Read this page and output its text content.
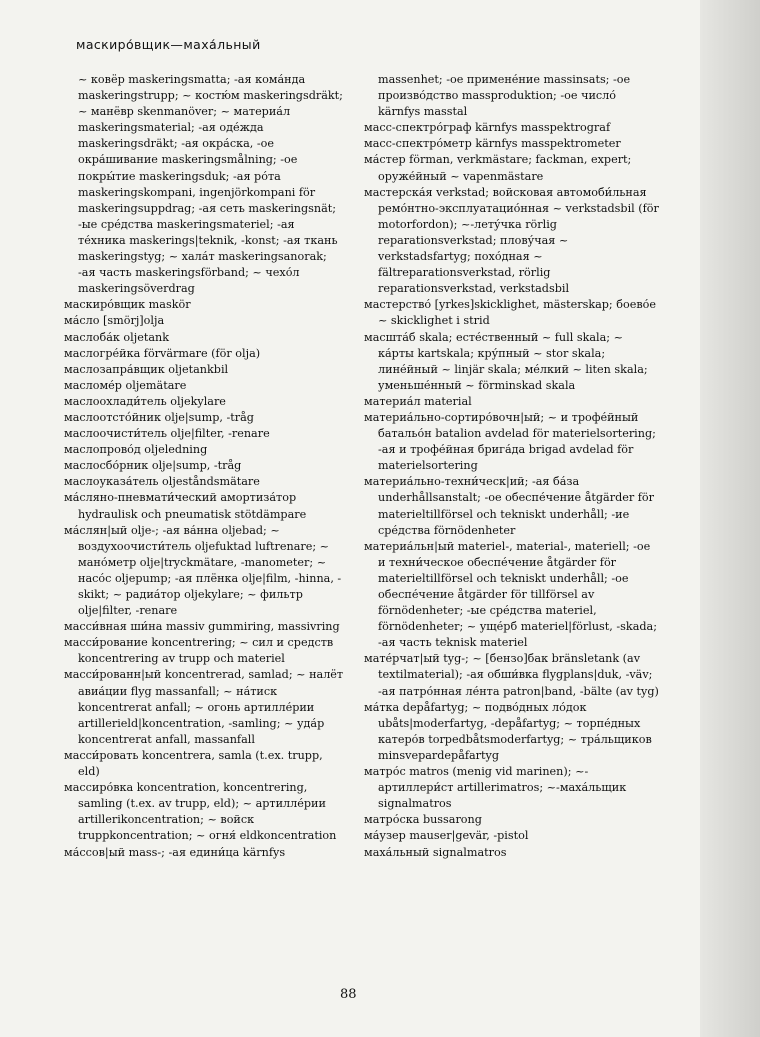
маскиро́вщик—маха́льный

~ ковёр maskeringsmatta; -ая кома́нда maskeringstrupp; ~ костю́м maskeringsdräkt; ~ манёвр skenmanöver; ~ материа́л maskeringsmaterial; -ая оде́жда maskeringsdräkt; -ая окра́ска, -ое окра́шивание maskeringsmålning; -ое покры́тие maskeringsduk; -ая ро́та maskeringskompani, ingenjörkompani för maskeringsuppdrag; -ая сеть maskeringsnät; -ые сре́дства maskeringsmateriel; -ая те́хника maskerings|teknik, -konst; -ая ткань maskeringstyg; ~ хала́т maskeringsanorak; -ая часть maskeringsförband; ~ чехо́л maskeringsöverdrag

маскиро́вщик maskör

ма́сло [smörj]olja

маслоба́к oljetank

маслогре́йка förvärmare (för olja)

маслозапра́вщик oljetankbil

масломе́р oljemätare

маслоохлади́тель oljekylare

маслоотстóйник olje|sump, -tråg

маслоочисти́тель olje|filter, -renare

маслопрово́д oljeledning

маслосбо́рник olje|sump, -tråg

маслоуказа́тель oljeståndsmätare

ма́сляно-пневмати́ческий амортиза́тор hydraulisk och pneumatisk stötdämpare

ма́слян|ый olje-; -ая ва́нна oljebad; ~ воздухоочисти́тель oljefuktad luftrenare; ~ мано́метр olje|tryckmätare, -manometer; ~ насо́с oljepump; -ая плёнка olje|film, -hinna, -skikt; ~ радиа́тор oljekylare; ~ фильтр olje|filter, -renare

масси́вная ши́на massiv gummiring, massivring

масси́рование koncentrering; ~ сил и средств koncentrering av trupp och materiel

масси́рованн|ый koncentrerad, samlad; ~ налёт авиа́ции flyg massanfall; ~ на́тиск koncentrerat anfall; ~ огонь артилле́рии artillerield|koncentration, -samling; ~ уда́р koncentrerat anfall, massanfall

масси́ровать koncentrera, samla (t.ex. trupp, eld)

массиро́вка koncentration, koncentrering, samling (t.ex. av trupp, eld); ~ артилле́рии artillerikoncentration; ~ войск truppkoncentration; ~ огня́ eldkoncentration

ма́ссов|ый mass-; -ая едини́ца kärnfys

massenhet; -ое примене́ние massinsats; -ое произво́дство massproduktion; -ое число́ kärnfys masstal

масс-спектро́граф kärnfys masspektrograf

масс-спектро́метр kärnfys masspektrometer

ма́стер förman, verkmästare; fackman, expert; оруже́йный ~ vapenmästare

мастерска́я verkstad; войсковая автомоби́льная ремо́нтно-эксплуатацио́нная ~ verkstadsbil (för motorfordon); ~-лету́чка rörlig reparationsverkstad; плову́чая ~ verkstadsfartyg; похо́дная ~ fältreparationsverkstad, rörlig reparationsverkstad, verkstadsbil

мастерство́ [yrkes]skicklighet, mästerskap; боево́е ~ skicklighet i strid

масшта́б skala; есте́ственный ~ full skala; ~ ка́рты kartskala; кру́пный ~ stor skala; лине́йный ~ linjär skala; ме́лкий ~ liten skala; уменьше́нный ~ förminskad skala

материа́л material

материа́льно-сортиро́вочн|ый; ~ и трофе́йный батальо́н batalion avdelad för materielsortering; -ая и трофе́йная брига́да brigad avdelad för materielsortering

материа́льно-техни́ческ|ий; -ая ба́за underhållsanstalt; -ое обеспе́чение åtgärder för materieltillförsel och tekniskt underhåll; -ие сре́дства förnödenheter

материа́льн|ый materiel-, material-, materiell; -ое и техни́ческое обеспе́чение åtgärder för materieltillförsel och tekniskt underhåll; -ое обеспе́чение åtgärder för tillförsel av förnödenheter; -ые сре́дства materiel, förnödenheter; ~ уще́рб materiel|förlust, -skada; -ая часть teknisk materiel

мате́рчат|ый tyg-; ~ [бензо]бак bränsletank (av textilmaterial); -ая обши́вка flygplans|duk, -väv; -ая патро́нная ле́нта patron|band, -bälte (av tyg)

ма́тка depåfartyg; ~ подво́дных ло́док ubåts|moderfartyg, -depåfartyg; ~ торпе́дных катеро́в torpedbåtsmoderfartyg; ~ тра́льщиков minsvepardepåfartyg

матро́с matros (menig vid marinen); ~-артиллери́ст artillerimatros; ~-маха́льщик signalmatros

матро́ска bussarong

ма́узер mauser|gevär, -pistol

маха́льный signalmatros

88
